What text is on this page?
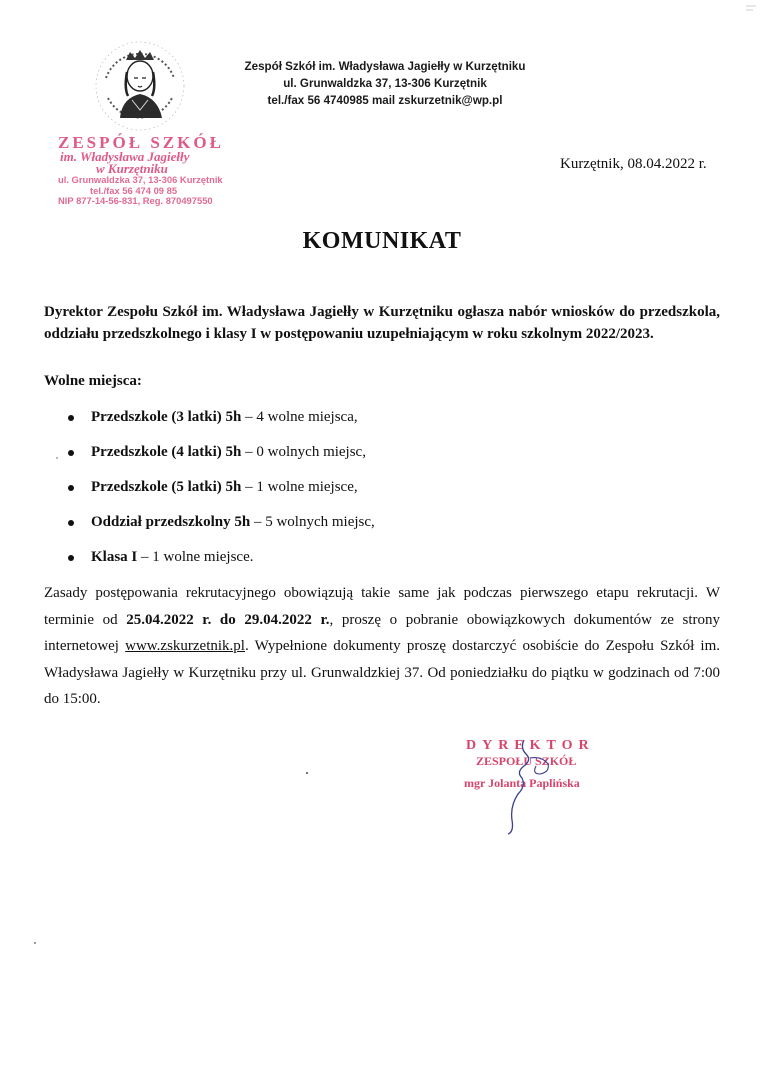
Zespół Szkół im. Władysława Jagiełły w Kurzętniku
ul. Grunwaldzka 37, 13-306 Kurzętnik
tel./fax 56 4740985 mail zskurzetnik@wp.pl
ZESPÓŁ SZKÓŁ
im. Władysława Jagiełły
w Kurzętniku
ul. Grunwaldzka 37, 13-306 Kurzętnik
tel./fax 56 474 09 85
NIP 877-14-56-831, Reg. 870497550
Kurzętnik, 08.04.2022 r.
KOMUNIKAT
Dyrektor Zespołu Szkół im. Władysława Jagiełły w Kurzętniku ogłasza nabór wniosków do przedszkola, oddziału przedszkolnego i klasy I w postępowaniu uzupełniającym w roku szkolnym 2022/2023.
Wolne miejsca:
Przedszkole (3 latki) 5h – 4 wolne miejsca,
Przedszkole (4 latki) 5h – 0 wolnych miejsc,
Przedszkole (5 latki) 5h – 1 wolne miejsce,
Oddział przedszkolny 5h – 5 wolnych miejsc,
Klasa I – 1 wolne miejsce.
Zasady postępowania rekrutacyjnego obowiązują takie same jak podczas pierwszego etapu rekrutacji. W terminie od 25.04.2022 r. do 29.04.2022 r., proszę o pobranie obowiązkowych dokumentów ze strony internetowej www.zskurzetnik.pl. Wypełnione dokumenty proszę dostarczyć osobiście do Zespołu Szkół im. Władysława Jagiełły w Kurzętniku przy ul. Grunwaldzkiej 37. Od poniedziałku do piątku w godzinach od 7:00 do 15:00.
DYREKTOR
ZESPOŁU SZKÓŁ
mgr Jolanta Paplińska
